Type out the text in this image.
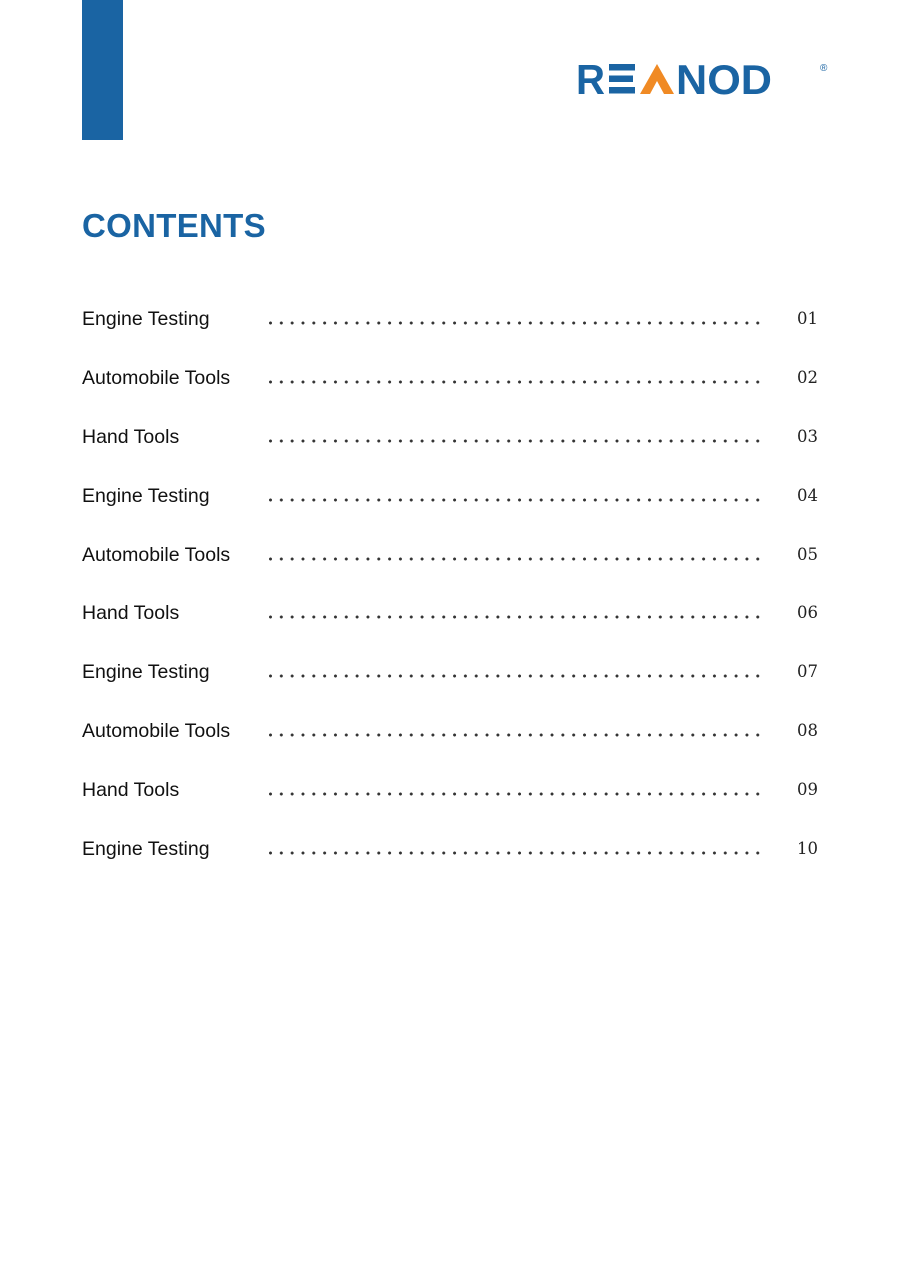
R NOD	®
CONTENTS
Engine Testing	01
Automobile Tools	02
Hand Tools	03
Engine Testing	04
Automobile Tools	05
Hand Tools	06
Engine Testing	07
Automobile Tools	08
Hand Tools	09
Engine Testing	10
